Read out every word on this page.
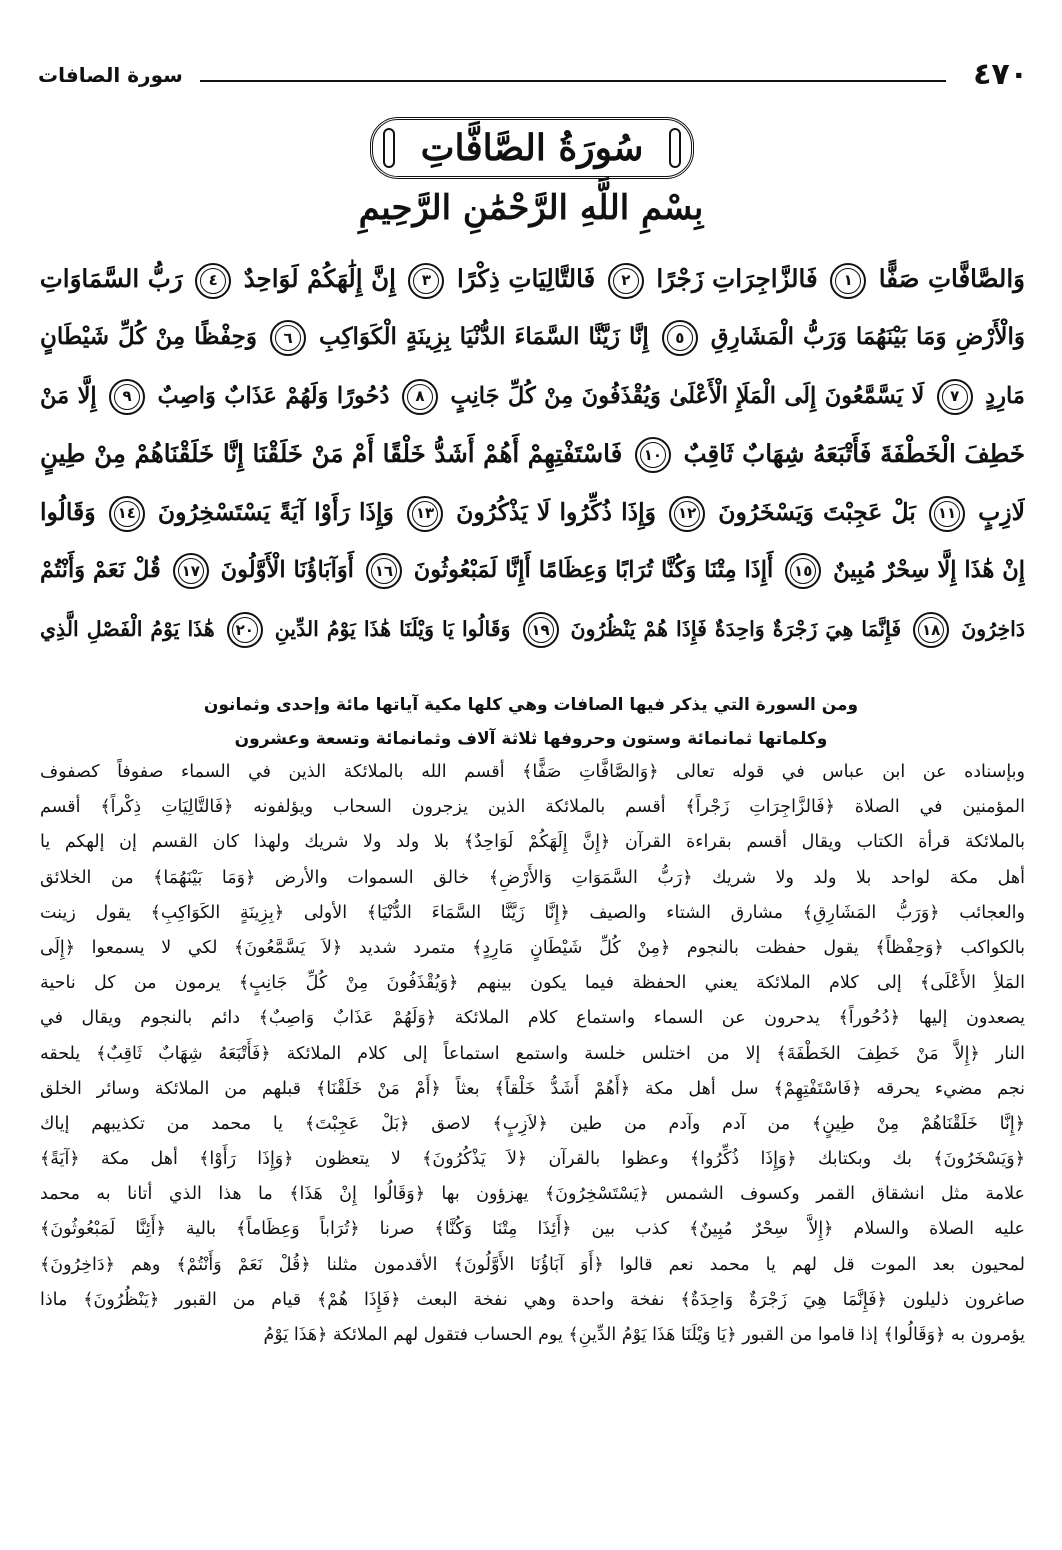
٤٧٠
سورة الصافات
سُورَةُ الصَّافَّاتِ
بِسْمِ اللَّهِ الرَّحْمَٰنِ الرَّحِيمِ
وَالصَّافَّاتِ صَفًّا ١ فَالزَّاجِرَاتِ زَجْرًا ٢ فَالتَّالِيَاتِ ذِكْرًا ٣ إِنَّ إِلَٰهَكُمْ لَوَاحِدٌ ٤ رَبُّ السَّمَاوَاتِ
وَالْأَرْضِ وَمَا بَيْنَهُمَا وَرَبُّ الْمَشَارِقِ ٥ إِنَّا زَيَّنَّا السَّمَاءَ الدُّنْيَا بِزِينَةٍ الْكَوَاكِبِ ٦ وَحِفْظًا مِنْ كُلِّ شَيْطَانٍ
مَارِدٍ ٧ لَا يَسَّمَّعُونَ إِلَى الْمَلَإِ الْأَعْلَىٰ وَيُقْذَفُونَ مِنْ كُلِّ جَانِبٍ ٨ دُحُورًا وَلَهُمْ عَذَابٌ وَاصِبٌ ٩ إِلَّا مَنْ
خَطِفَ الْخَطْفَةَ فَأَتْبَعَهُ شِهَابٌ ثَاقِبٌ ١٠ فَاسْتَفْتِهِمْ أَهُمْ أَشَدُّ خَلْقًا أَمْ مَنْ خَلَقْنَا إِنَّا خَلَقْنَاهُمْ مِنْ طِينٍ
لَازِبٍ ١١ بَلْ عَجِبْتَ وَيَسْخَرُونَ ١٢ وَإِذَا ذُكِّرُوا لَا يَذْكُرُونَ ١٣ وَإِذَا رَأَوْا آيَةً يَسْتَسْخِرُونَ ١٤ وَقَالُوا
إِنْ هَٰذَا إِلَّا سِحْرٌ مُبِينٌ ١٥ أَإِذَا مِتْنَا وَكُنَّا تُرَابًا وَعِظَامًا أَإِنَّا لَمَبْعُوثُونَ ١٦ أَوَآبَاؤُنَا الْأَوَّلُونَ ١٧ قُلْ نَعَمْ وَأَنْتُمْ
دَاخِرُونَ ١٨ فَإِنَّمَا هِيَ زَجْرَةٌ وَاحِدَةٌ فَإِذَا هُمْ يَنْظُرُونَ ١٩ وَقَالُوا يَا وَيْلَنَا هَٰذَا يَوْمُ الدِّينِ ٢٠ هَٰذَا يَوْمُ الْفَصْلِ الَّذِي
ومن السورة التي يذكر فيها الصافات وهي كلها مكية آياتها مائة وإحدى وثمانون
وكلماتها ثمانمائة وستون وحروفها ثلاثة آلاف وثمانمائة وتسعة وعشرون
وبإسناده عن ابن عباس في قوله تعالى ﴿وَالصَّافَّاتِ صَفًّا﴾ أقسم الله بالملائكة الذين في السماء صفوفاً كصفوف
المؤمنين في الصلاة ﴿فَالزَّاجِرَاتِ زَجْراً﴾ أقسم بالملائكة الذين يزجرون السحاب ويؤلفونه ﴿فَالتَّالِيَاتِ ذِكْراً﴾ أقسم
بالملائكة قرأة الكتاب ويقال أقسم بقراءة القرآن ﴿إِنَّ إِلَهَكُمْ لَوَاحِدٌ﴾ بلا ولد ولا شريك ولهذا كان القسم إن إلهكم يا
أهل مكة لواحد بلا ولد ولا شريك ﴿رَبُّ السَّمَوَاتِ وَالأَرْضِ﴾ خالق السموات والأرض ﴿وَمَا بَيْنَهُمَا﴾ من الخلائق
والعجائب ﴿وَرَبُّ المَشَارِقِ﴾ مشارق الشتاء والصيف ﴿إِنَّا زَيَّنَّا السَّمَاءَ الدُّنْيَا﴾ الأولى ﴿بِزِينَةٍ الكَوَاكِبِ﴾ يقول زينت
بالكواكب ﴿وَحِفْظاً﴾ يقول حفظت بالنجوم ﴿مِنْ كُلِّ شَيْطَانٍ مَارِدٍ﴾ متمرد شديد ﴿لاَ يَسَّمَّعُونَ﴾ لكي لا يسمعوا ﴿إِلَى
المَلأِ الأَعْلَى﴾ إلى كلام الملائكة يعني الحفظة فيما يكون بينهم ﴿وَيُقْذَفُونَ مِنْ كُلِّ جَانِبٍ﴾ يرمون من كل ناحية
يصعدون إليها ﴿دُحُوراً﴾ يدحرون عن السماء واستماع كلام الملائكة ﴿وَلَهُمْ عَذَابٌ وَاصِبٌ﴾ دائم بالنجوم ويقال في
النار ﴿إِلاَّ مَنْ خَطِفَ الخَطْفَةَ﴾ إلا من اختلس خلسة واستمع استماعاً إلى كلام الملائكة ﴿فَأَتْبَعَهُ شِهَابٌ ثَاقِبٌ﴾ يلحقه
نجم مضيء يحرقه ﴿فَاسْتَفْتِهِمْ﴾ سل أهل مكة ﴿أَهُمْ أَشَدُّ خَلْقاً﴾ بعثاً ﴿أَمْ مَنْ خَلَقْنَا﴾ قبلهم من الملائكة وسائر الخلق
﴿إِنَّا خَلَقْنَاهُمْ مِنْ طِينٍ﴾ من آدم وآدم من طين ﴿لاَزِبٍ﴾ لاصق ﴿بَلْ عَجِبْتَ﴾ يا محمد من تكذيبهم إياك
﴿وَيَسْخَرُونَ﴾ بك وبكتابك ﴿وَإِذَا ذُكِّرُوا﴾ وعظوا بالقرآن ﴿لاَ يَذْكُرُونَ﴾ لا يتعظون ﴿وَإِذَا رَأَوْا﴾ أهل مكة ﴿آيَةً﴾
علامة مثل انشقاق القمر وكسوف الشمس ﴿يَسْتَسْخِرُونَ﴾ يهزؤون بها ﴿وَقَالُوا إِنْ هَذَا﴾ ما هذا الذي أتانا به محمد
عليه الصلاة والسلام ﴿إِلاَّ سِحْرٌ مُبِينٌ﴾ كذب بين ﴿أَئِذَا مِتْنَا وَكُنَّا﴾ صرنا ﴿تُرَاباً وَعِظَاماً﴾ بالية ﴿أَئِنَّا لَمَبْعُوثُونَ﴾
لمحيون بعد الموت قل لهم يا محمد نعم قالوا ﴿أَوَ آبَاؤُنَا الأَوَّلُونَ﴾ الأقدمون مثلنا ﴿قُلْ نَعَمْ وَأَنْتُمْ﴾ وهم ﴿دَاخِرُونَ﴾
صاغرون ذليلون ﴿فَإِنَّمَا هِيَ زَجْرَةٌ وَاحِدَةٌ﴾ نفخة واحدة وهي نفخة البعث ﴿فَإِذَا هُمْ﴾ قيام من القبور ﴿يَنْظُرُونَ﴾ ماذا
يؤمرون به ﴿وَقَالُوا﴾ إذا قاموا من القبور ﴿يَا وَيْلَنَا هَذَا يَوْمُ الدِّينِ﴾ يوم الحساب فتقول لهم الملائكة ﴿هَذَا يَوْمُ
